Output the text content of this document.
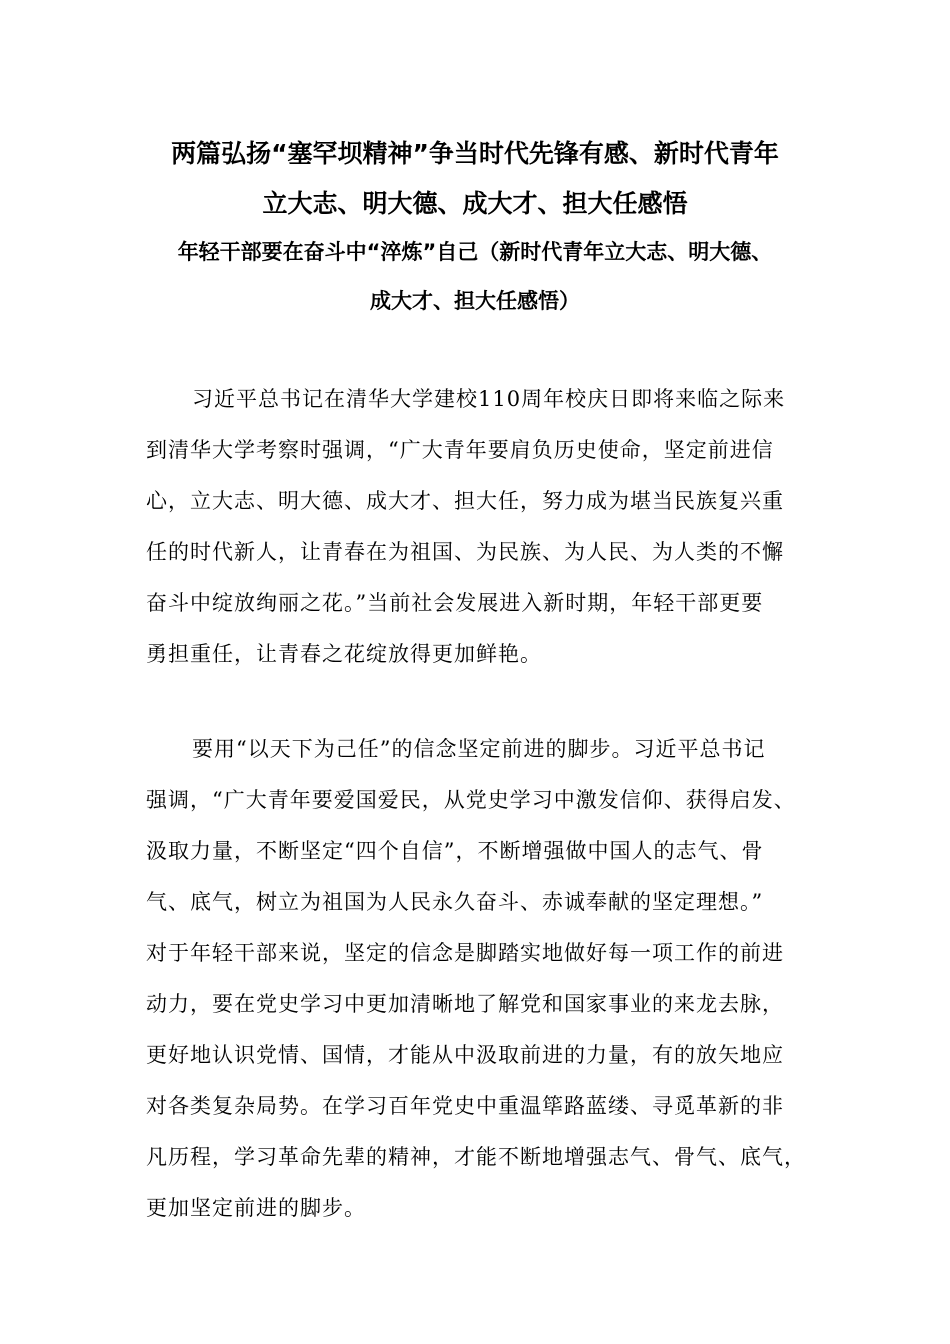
两篇弘扬“塞罕坝精神”争当时代先锋有感、新时代青年
立大志、明大德、成大才、担大任感悟
年轻干部要在奋斗中“淬炼”自己（新时代青年立大志、明大德、
成大才、担大任感悟）
习近平总书记在清华大学建校110周年校庆日即将来临之际来
到清华大学考察时强调，“广大青年要肩负历史使命，坚定前进信
心，立大志、明大德、成大才、担大任，努力成为堪当民族复兴重
任的时代新人，让青春在为祖国、为民族、为人民、为人类的不懈
奋斗中绽放绚丽之花。”当前社会发展进入新时期，年轻干部更要
勇担重任，让青春之花绽放得更加鲜艳。
要用“以天下为己任”的信念坚定前进的脚步。习近平总书记
强调，“广大青年要爱国爱民，从党史学习中激发信仰、获得启发、
汲取力量，不断坚定“四个自信”，不断增强做中国人的志气、骨
气、底气，树立为祖国为人民永久奋斗、赤诚奉献的坚定理想。”
对于年轻干部来说，坚定的信念是脚踏实地做好每一项工作的前进
动力，要在党史学习中更加清晰地了解党和国家事业的来龙去脉，
更好地认识党情、国情，才能从中汲取前进的力量，有的放矢地应
对各类复杂局势。在学习百年党史中重温筚路蓝缕、寻觅革新的非
凡历程，学习革命先辈的精神，才能不断地增强志气、骨气、底气，
更加坚定前进的脚步。
